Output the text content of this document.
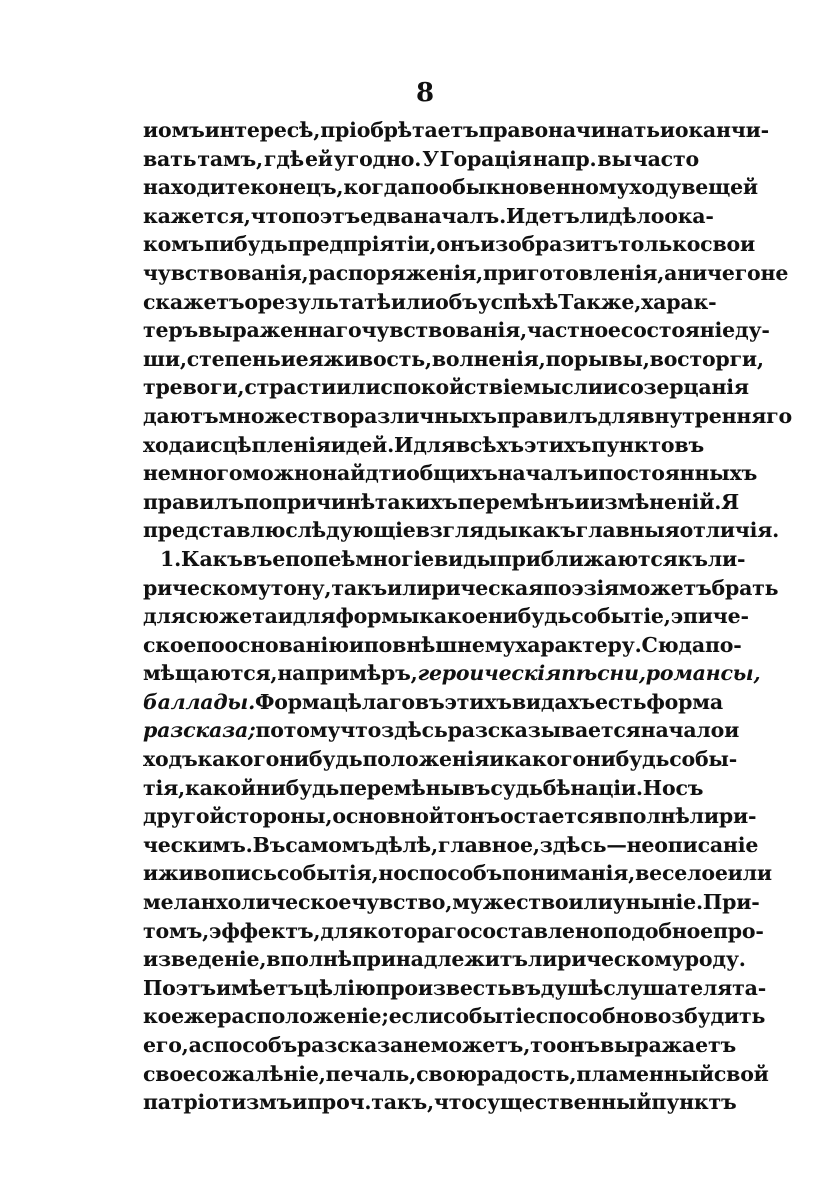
8
иомъ интересѣ, пріобрѣтаетъ право начинать и оканчи-
вать тамъ, гдѣ ей угодно. У Горація напр. вы часто
находите конецъ, когда по обыкновенному ходу вещей
кажется, что поэтъ едва началъ. Идетъ ли дѣло о ка-
комъ пибудь предпріятіи, онъ изобразитъ только свои
чувствованія, распоряженія, приготовленія, а ничего не
скажетъ о результатѣ или объ успѣхѣ Также, харак-
теръ выраженнаго чувствованія, частное состояніе ду-
ши, степень и ея живость, волненія, порывы, восторги,
тревоги, страсти или спокойствіе мысли и созерцанія
даютъ множество различныхъ правилъ для внутренняго
хода и сцѣпленія идей. И для всѣхъ этихъ пунктовъ
не много можно найдти общихъ началъ и постоянныхъ
правилъ по причинѣ такихъ перемѣнъ и измѣненій. Я
представлю слѣдующіе взгляды какъ главныя отличія.
1. Какъ въ епопеѣ многіе виды приближаются къ ли-
рическому тону, такъ и лирическая поэзія можетъ брать
для сюжета и для формы какое нибудь событіе, эпиче-
ское по основанію и по внѣшнему характеру. Сюда по-
мѣщаются, напримѣръ, героическія пѣсни, романсы,
баллады. Форма цѣлаго въ этихъ видахъ есть форма
разсказа; потому что здѣсь разсказывается начало и
ходъ какого нибудь положенія и какого нибудь собы-
тія, какой нибудь перемѣны въ судьбѣ націи. Но съ
другой стороны, основной тонъ остается вполнѣ лири-
ческимъ. Въ самомъ дѣлѣ, главное, здѣсь—не описаніе
и живопись событія, но способъ пониманія, веселое или
меланхолическое чувство, мужество или уныніе. При-
томъ, эффектъ, для котораго составлено подобное про-
изведеніе, вполнѣ принадлежитъ лирическому роду.
Поэтъ имѣетъ цѣлію произвесть въ душѣ слушателя та-
кое же расположеніе; если событіе способно возбудить
его, а способъ разсказа не можетъ, то онъ выражаетъ
свое сожалѣніе, печаль, свою радость, пламенный свой
патріотизмъ и проч. такъ, что существенный пунктъ
